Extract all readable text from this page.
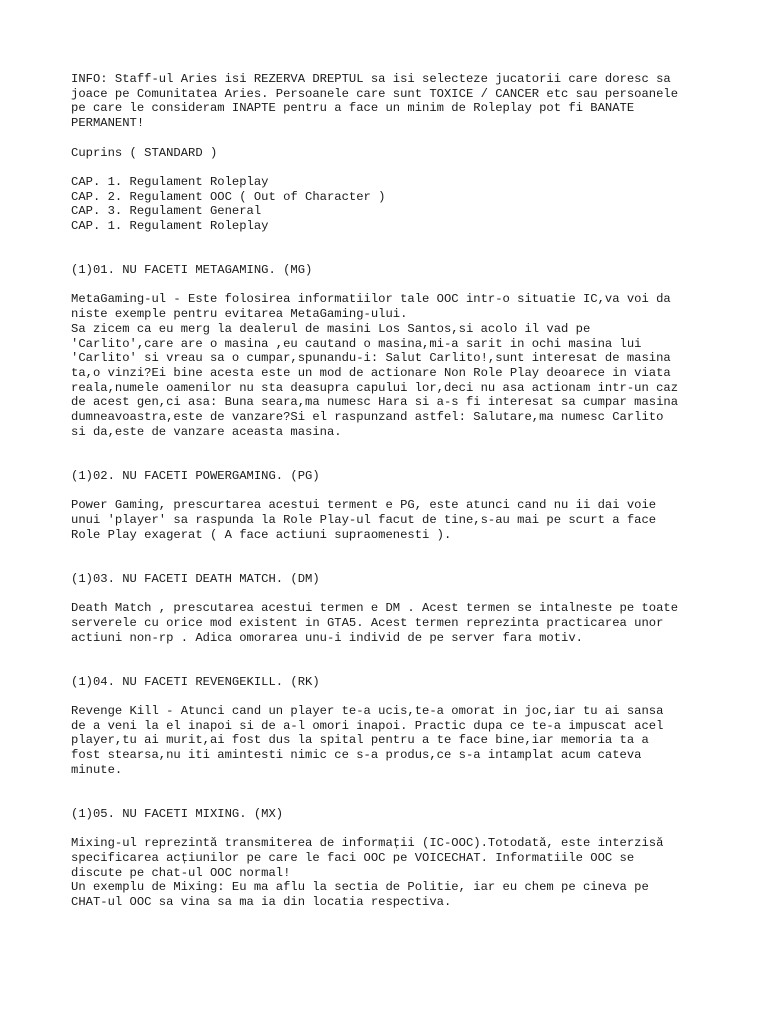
INFO: Staff-ul Aries isi REZERVA DREPTUL sa isi selecteze jucatorii care doresc sa
joace pe Comunitatea Aries. Persoanele care sunt TOXICE / CANCER etc sau persoanele
pe care le consideram INAPTE pentru a face un minim de Roleplay pot fi BANATE
PERMANENT!
Cuprins ( STANDARD )
CAP. 1. Regulament Roleplay
CAP. 2. Regulament OOC ( Out of Character )
CAP. 3. Regulament General
CAP. 1. Regulament Roleplay
(1)01. NU FACETI METAGAMING. (MG)
MetaGaming-ul - Este folosirea informatiilor tale OOC intr-o situatie IC,va voi da
niste exemple pentru evitarea MetaGaming-ului.
Sa zicem ca eu merg la dealerul de masini Los Santos,si acolo il vad pe
'Carlito',care are o masina ,eu cautand o masina,mi-a sarit in ochi masina lui
'Carlito' si vreau sa o cumpar,spunandu-i: Salut Carlito!,sunt interesat de masina
ta,o vinzi?Ei bine acesta este un mod de actionare Non Role Play deoarece in viata
reala,numele oamenilor nu sta deasupra capului lor,deci nu asa actionam intr-un caz
de acest gen,ci asa: Buna seara,ma numesc Hara si a-s fi interesat sa cumpar masina
dumneavoastra,este de vanzare?Si el raspunzand astfel: Salutare,ma numesc Carlito
si da,este de vanzare aceasta masina.
(1)02. NU FACETI POWERGAMING. (PG)
Power Gaming, prescurtarea acestui terment e PG, este atunci cand nu ii dai voie
unui 'player' sa raspunda la Role Play-ul facut de tine,s-au mai pe scurt a face
Role Play exagerat ( A face actiuni supraomenesti ).
(1)03. NU FACETI DEATH MATCH. (DM)
Death Match , prescutarea acestui termen e DM . Acest termen se intalneste pe toate
serverele cu orice mod existent in GTA5. Acest termen reprezinta practicarea unor
actiuni non-rp . Adica omorarea unu-i individ de pe server fara motiv.
(1)04. NU FACETI REVENGEKILL. (RK)
Revenge Kill - Atunci cand un player te-a ucis,te-a omorat in joc,iar tu ai sansa
de a veni la el inapoi si de a-l omori inapoi. Practic dupa ce te-a impuscat acel
player,tu ai murit,ai fost dus la spital pentru a te face bine,iar memoria ta a
fost stearsa,nu iti amintesti nimic ce s-a produs,ce s-a intamplat acum cateva
minute.
(1)05. NU FACETI MIXING. (MX)
Mixing-ul reprezintă transmiterea de informații (IC-OOC).Totodată, este interzisă
specificarea acțiunilor pe care le faci OOC pe VOICECHAT. Informatiile OOC se
discute pe chat-ul OOC normal!
Un exemplu de Mixing: Eu ma aflu la sectia de Politie, iar eu chem pe cineva pe
CHAT-ul OOC sa vina sa ma ia din locatia respectiva.
